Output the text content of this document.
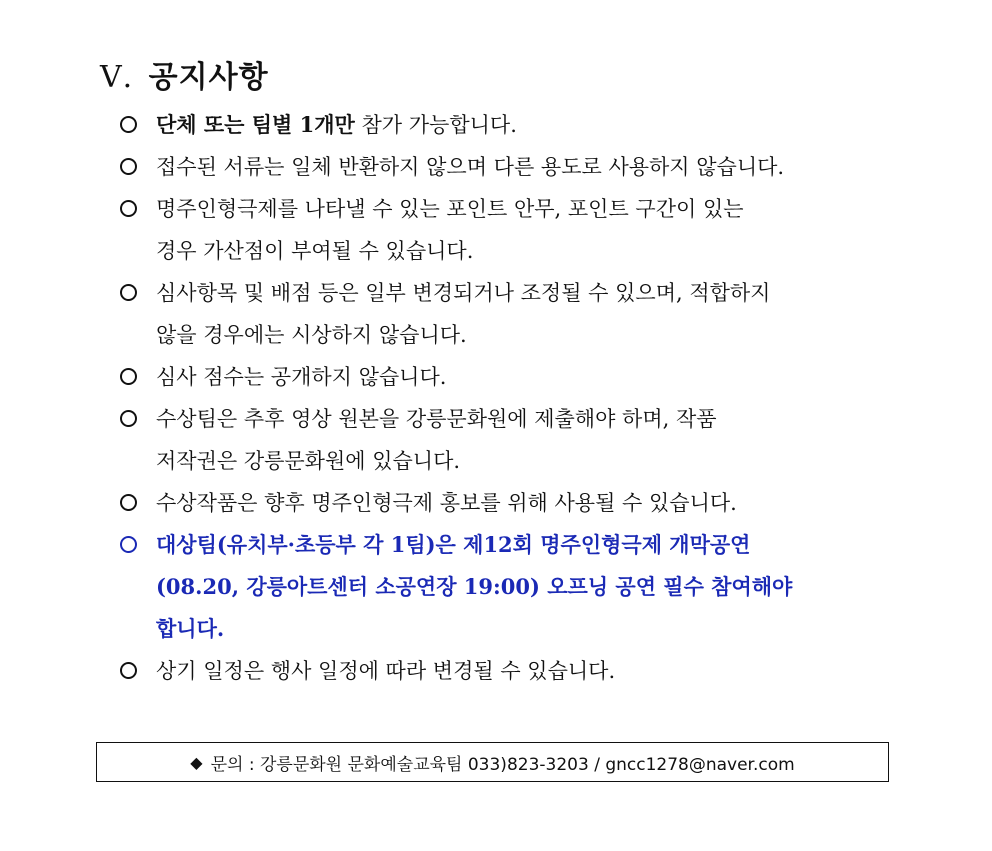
Ⅴ. 공지사항
단체 또는 팀별 1개만 참가 가능합니다.
접수된 서류는 일체 반환하지 않으며 다른 용도로 사용하지 않습니다.
명주인형극제를 나타낼 수 있는 포인트 안무, 포인트 구간이 있는
경우 가산점이 부여될 수 있습니다.
심사항목 및 배점 등은 일부 변경되거나 조정될 수 있으며, 적합하지
않을 경우에는 시상하지 않습니다.
심사 점수는 공개하지 않습니다.
수상팀은 추후 영상 원본을 강릉문화원에 제출해야 하며, 작품
저작권은 강릉문화원에 있습니다.
수상작품은 향후 명주인형극제 홍보를 위해 사용될 수 있습니다.
대상팀(유치부·초등부 각 1팀)은 제12회 명주인형극제 개막공연
(08.20, 강릉아트센터 소공연장 19:00) 오프닝 공연 필수 참여해야
합니다.
상기 일정은 행사 일정에 따라 변경될 수 있습니다.
◆ 문의 : 강릉문화원 문화예술교육팀 033)823-3203 / gncc1278@naver.com
